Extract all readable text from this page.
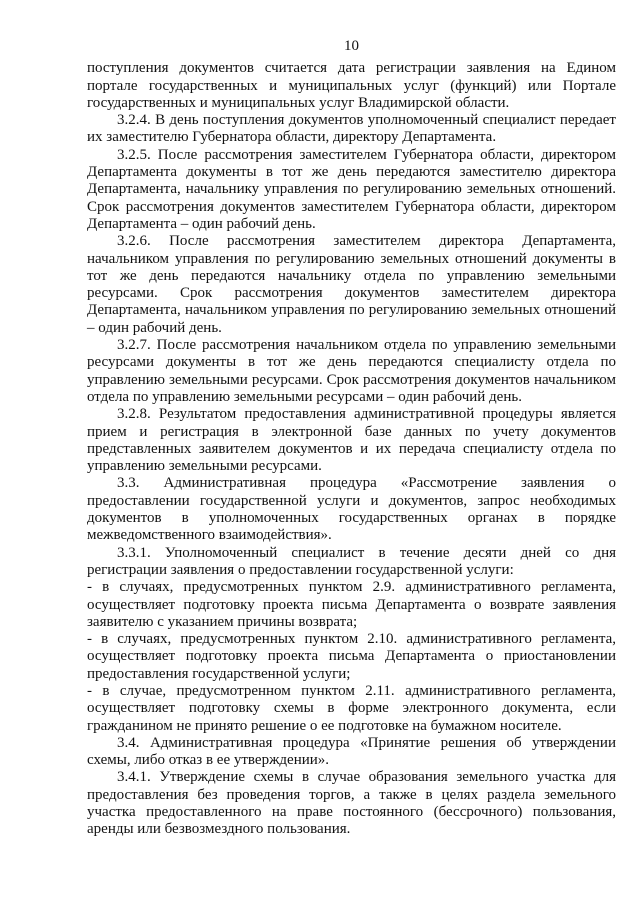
10

поступления документов считается дата регистрации заявления на Едином портале государственных и муниципальных услуг (функций) или Портале государственных и муниципальных услуг Владимирской области.

3.2.4. В день поступления документов уполномоченный специалист передает их заместителю Губернатора области, директору Департамента.

3.2.5. После рассмотрения заместителем Губернатора области, директором Департамента документы в тот же день передаются заместителю директора Департамента, начальнику управления по регулированию земельных отношений. Срок рассмотрения документов заместителем Губернатора области, директором Департамента – один рабочий день.

3.2.6. После рассмотрения заместителем директора Департамента, начальником управления по регулированию земельных отношений документы в тот же день передаются начальнику отдела по управлению земельными ресурсами. Срок рассмотрения документов заместителем директора Департамента, начальником управления по регулированию земельных отношений – один рабочий день.

3.2.7. После рассмотрения начальником отдела по управлению земельными ресурсами документы в тот же день передаются специалисту отдела по управлению земельными ресурсами. Срок рассмотрения документов начальником отдела по управлению земельными ресурсами – один рабочий день.

3.2.8. Результатом предоставления административной процедуры является прием и регистрация в электронной базе данных по учету документов представленных заявителем документов и их передача специалисту отдела по управлению земельными ресурсами.

3.3. Административная процедура «Рассмотрение заявления о предоставлении государственной услуги и документов, запрос необходимых документов в уполномоченных государственных органах в порядке межведомственного взаимодействия».

3.3.1. Уполномоченный специалист в течение десяти дней со дня регистрации заявления о предоставлении государственной услуги:

- в случаях, предусмотренных пунктом 2.9. административного регламента, осуществляет подготовку проекта письма Департамента о возврате заявления заявителю с указанием причины возврата;

- в случаях, предусмотренных пунктом 2.10. административного регламента, осуществляет подготовку проекта письма Департамента о приостановлении предоставления государственной услуги;

- в случае, предусмотренном пунктом 2.11. административного регламента, осуществляет подготовку схемы в форме электронного документа, если гражданином не принято решение о ее подготовке на бумажном носителе.

3.4. Административная процедура «Принятие решения об утверждении схемы, либо отказ в ее утверждении».

3.4.1. Утверждение схемы в случае образования земельного участка для предоставления без проведения торгов, а также в целях раздела земельного участка предоставленного на праве постоянного (бессрочного) пользования, аренды или безвозмездного пользования.
